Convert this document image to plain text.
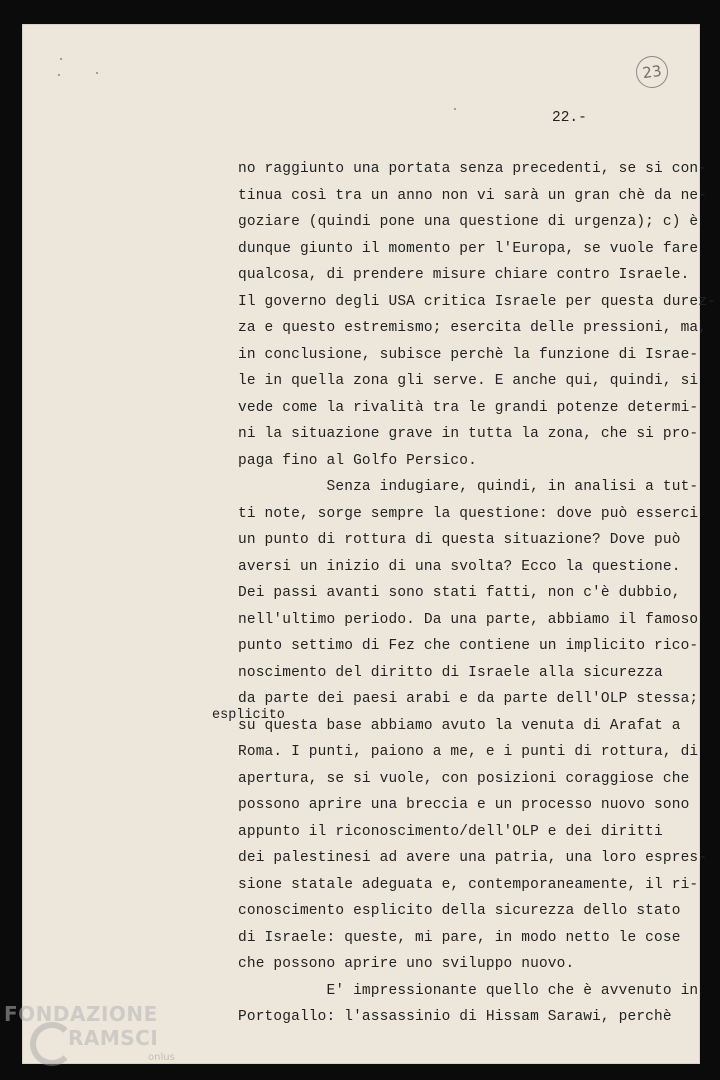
23
22.-
no raggiunto una portata senza precedenti, se si con-
tinua così tra un anno non vi sarà un gran chè da ne-
goziare (quindi pone una questione di urgenza); c) è
dunque giunto il momento per l'Europa, se vuole fare
qualcosa, di prendere misure chiare contro Israele.
Il governo degli USA critica Israele per questa durez-
za e questo estremismo; esercita delle pressioni, ma,
in conclusione, subisce perchè la funzione di Israe-
le in quella zona gli serve. E anche qui, quindi, si
vede come la rivalità tra le grandi potenze determi-
ni la situazione grave in tutta la zona, che si pro-
paga fino al Golfo Persico.
Senza indugiare, quindi, in analisi a tut-
ti note, sorge sempre la questione: dove può esserci
un punto di rottura di questa situazione? Dove può
aversi un inizio di una svolta? Ecco la questione.
Dei passi avanti sono stati fatti, non c'è dubbio,
nell'ultimo periodo. Da una parte, abbiamo il famoso
punto settimo di Fez che contiene un implicito rico-
noscimento del diritto di Israele alla sicurezza
da parte dei paesi arabi e da parte dell'OLP stessa;
su questa base abbiamo avuto la venuta di Arafat a
Roma. I punti, paiono a me, e i punti di rottura, di
apertura, se si vuole, con posizioni coraggiose che
possono aprire una breccia e un processo nuovo sono
appunto il riconoscimento/dell'OLP e dei diritti
dei palestinesi ad avere una patria, una loro espres-
sione statale adeguata e, contemporaneamente, il ri-
conoscimento esplicito della sicurezza dello stato
di Israele: queste, mi pare, in modo netto le cose
che possono aprire uno sviluppo nuovo.
E' impressionante quello che è avvenuto in
Portogallo: l'assassinio di Hissam Sarawi, perchè
esplicito
FONDAZIONE
RAMSCI
onlus
